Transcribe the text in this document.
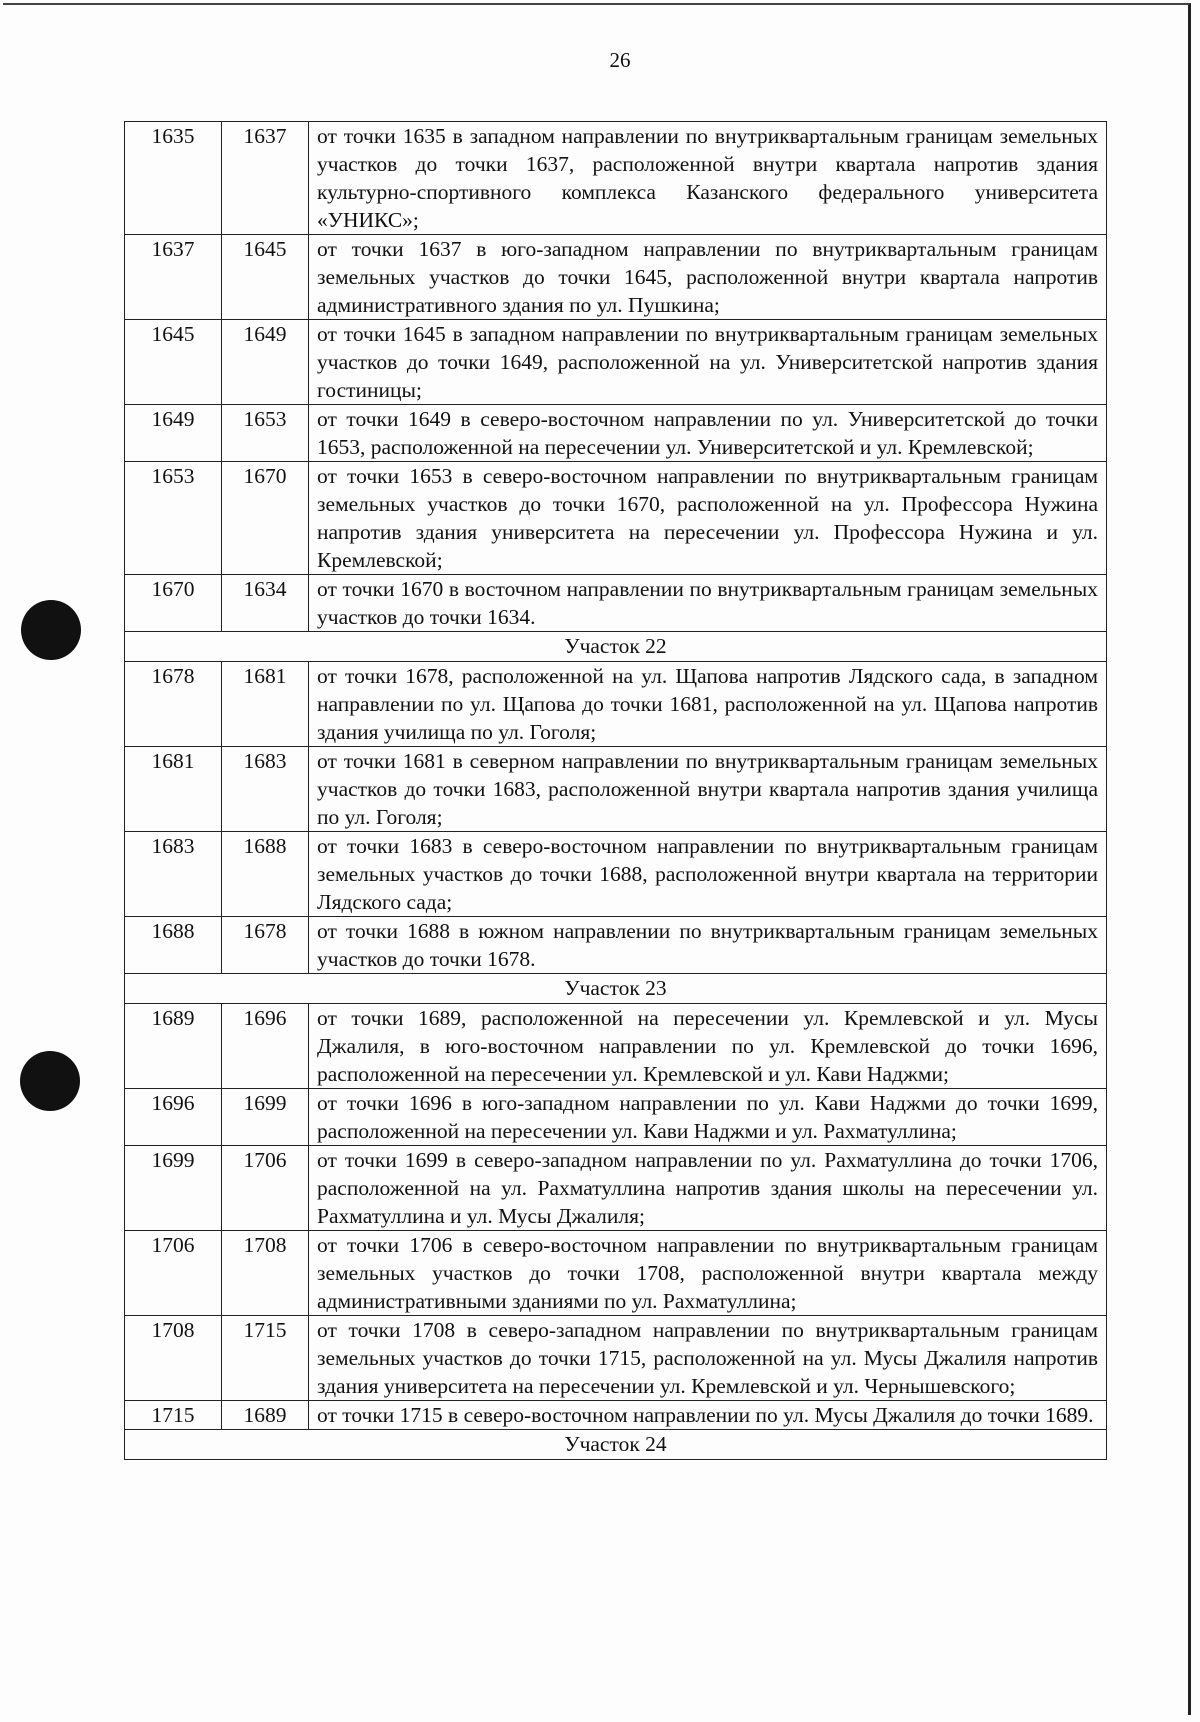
26
1635	1637	от точки 1635 в западном направлении по внутриквартальным границам земельных участков до точки 1637, расположенной внутри квартала напротив здания культурно-спортивного комплекса Казанского федерального университета «УНИКС»;
1637	1645	от точки 1637 в юго-западном направлении по внутриквартальным границам земельных участков до точки 1645, расположенной внутри квартала напротив административного здания по ул. Пушкина;
1645	1649	от точки 1645 в западном направлении по внутриквартальным границам земельных участков до точки 1649, расположенной на ул. Университетской напротив здания гостиницы;
1649	1653	от точки 1649 в северо-восточном направлении по ул. Университетской до точки 1653, расположенной на пересечении ул. Университетской и ул. Кремлевской;
1653	1670	от точки 1653 в северо-восточном направлении по внутриквартальным границам земельных участков до точки 1670, расположенной на ул. Профессора Нужина напротив здания университета на пересечении ул. Профессора Нужина и ул. Кремлевской;
1670	1634	от точки 1670 в восточном направлении по внутриквартальным границам земельных участков до точки 1634.
Участок 22		
1678	1681	от точки 1678, расположенной на ул. Щапова напротив Лядского сада, в западном направлении по ул. Щапова до точки 1681, расположенной на ул. Щапова напротив здания училища по ул. Гоголя;
1681	1683	от точки 1681 в северном направлении по внутриквартальным границам земельных участков до точки 1683, расположенной внутри квартала напротив здания училища по ул. Гоголя;
1683	1688	от точки 1683 в северо-восточном направлении по внутриквартальным границам земельных участков до точки 1688, расположенной внутри квартала на территории Лядского сада;
1688	1678	от точки 1688 в южном направлении по внутриквартальным границам земельных участков до точки 1678.
Участок 23		
1689	1696	от точки 1689, расположенной на пересечении ул. Кремлевской и ул. Мусы Джалиля, в юго-восточном направлении по ул. Кремлевской до точки 1696, расположенной на пересечении ул. Кремлевской и ул. Кави Наджми;
1696	1699	от точки 1696 в юго-западном направлении по ул. Кави Наджми до точки 1699, расположенной на пересечении ул. Кави Наджми и ул. Рахматуллина;
1699	1706	от точки 1699 в северо-западном направлении по ул. Рахматуллина до точки 1706, расположенной на ул. Рахматуллина напротив здания школы на пересечении ул. Рахматуллина и ул. Мусы Джалиля;
1706	1708	от точки 1706 в северо-восточном направлении по внутриквартальным границам земельных участков до точки 1708, расположенной внутри квартала между административными зданиями по ул. Рахматуллина;
1708	1715	от точки 1708 в северо-западном направлении по внутриквартальным границам земельных участков до точки 1715, расположенной на ул. Мусы Джалиля напротив здания университета на пересечении ул. Кремлевской и ул. Чернышевского;
1715	1689	от точки 1715 в северо-восточном направлении по ул. Мусы Джалиля до точки 1689.
Участок 24		
